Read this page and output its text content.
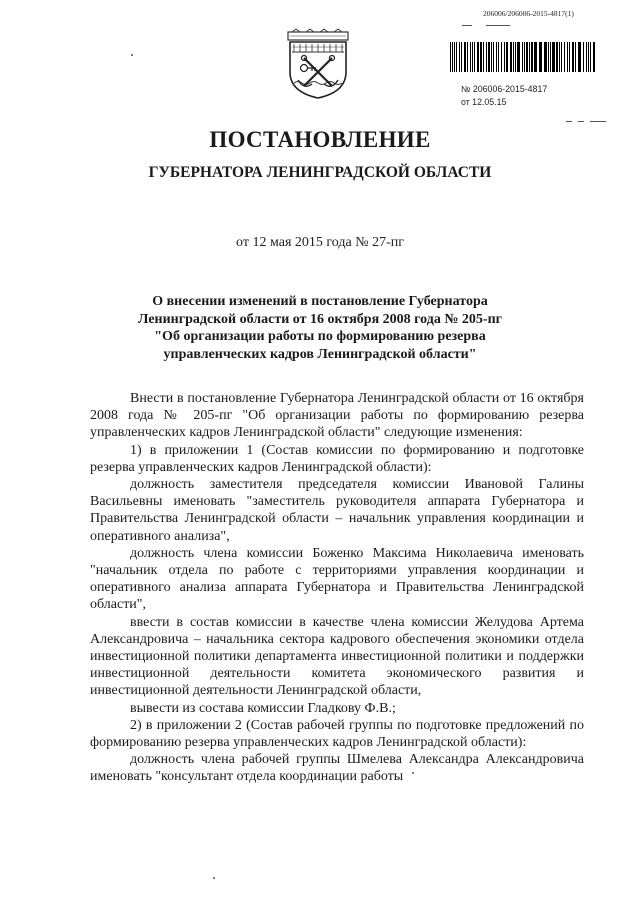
206006/206006-2015-4817(1)
№ 206006-2015-4817
от 12.05.15
ПОСТАНОВЛЕНИЕ
ГУБЕРНАТОРА ЛЕНИНГРАДСКОЙ ОБЛАСТИ
от 12 мая 2015 года № 27-пг
О внесении изменений в постановление Губернатора
Ленинградской области от 16 октября 2008 года № 205-пг
"Об организации работы по формированию резерва
управленческих кадров Ленинградской области"

Внести в постановление Губернатора Ленинградской области от 16 октября 2008 года № 205-пг "Об организации работы по формированию резерва управленческих кадров Ленинградской области" следующие изменения:

1) в приложении 1 (Состав комиссии по формированию и подготовке резерва управленческих кадров Ленинградской области):

должность заместителя председателя комиссии Ивановой Галины Васильевны именовать "заместитель руководителя аппарата Губернатора и Правительства Ленинградской области – начальник управления координации и оперативного анализа",

должность члена комиссии Боженко Максима Николаевича именовать "начальник отдела по работе с территориями управления координации и оперативного анализа аппарата Губернатора и Правительства Ленинградской области",

ввести в состав комиссии в качестве члена комиссии Желудова Артема Александровича – начальника сектора кадрового обеспечения экономики отдела инвестиционной политики департамента инвестиционной политики и поддержки инвестиционной деятельности комитета экономического развития и инвестиционной деятельности Ленинградской области,

вывести из состава комиссии Гладкову Ф.В.;

2) в приложении 2 (Состав рабочей группы по подготовке предложений по формированию резерва управленческих кадров Ленинградской области):

должность члена рабочей группы Шмелева Александра Александровича именовать "консультант отдела координации работы
